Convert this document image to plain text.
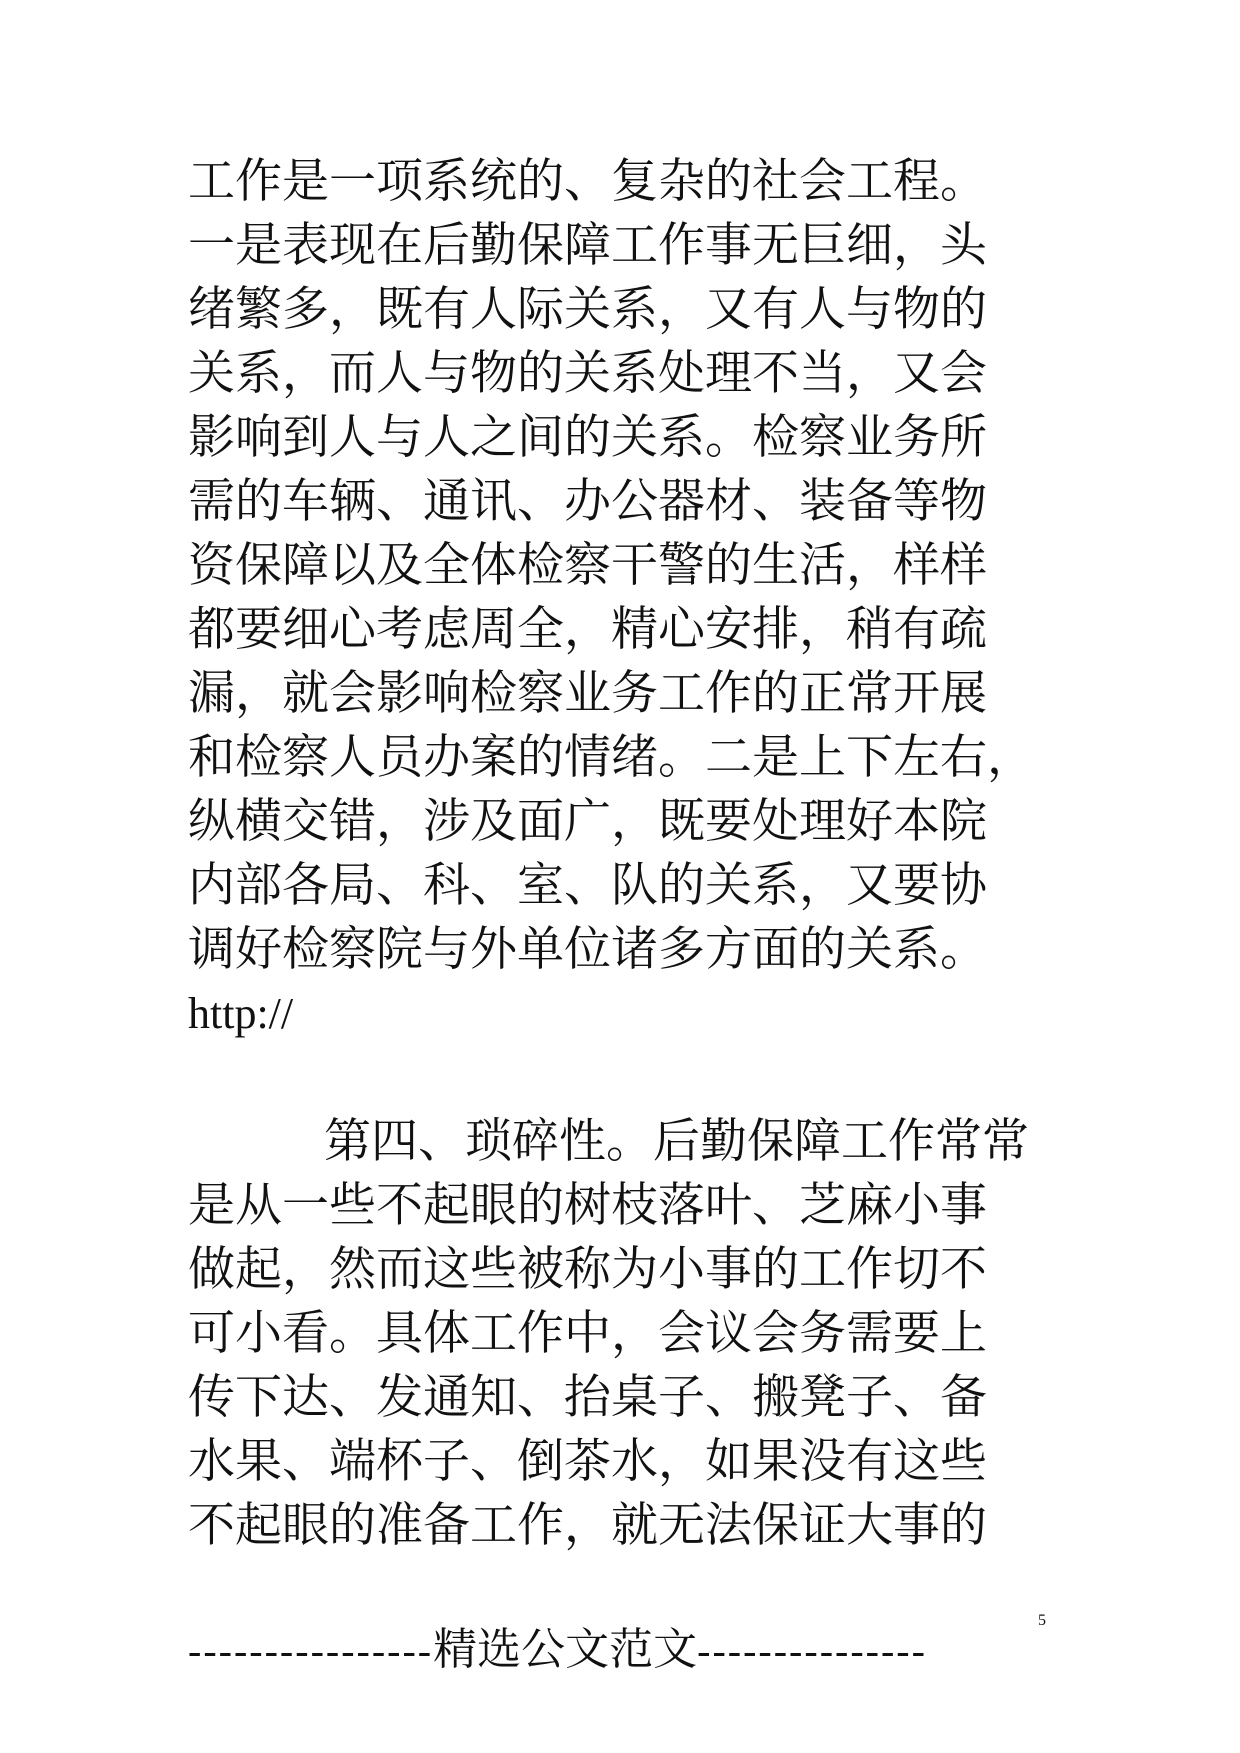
工作是一项系统的、复杂的社会工程。
一是表现在后勤保障工作事无巨细，头
绪繁多，既有人际关系，又有人与物的
关系，而人与物的关系处理不当，又会
影响到人与人之间的关系。检察业务所
需的车辆、通讯、办公器材、装备等物
资保障以及全体检察干警的生活，样样
都要细心考虑周全，精心安排，稍有疏
漏，就会影响检察业务工作的正常开展
和检察人员办案的情绪。二是上下左右，
纵横交错，涉及面广，既要处理好本院
内部各局、科、室、队的关系，又要协
调好检察院与外单位诸多方面的关系。
http://
第四、琐碎性。后勤保障工作常常
是从一些不起眼的树枝落叶、芝麻小事
做起，然而这些被称为小事的工作切不
可小看。具体工作中，会议会务需要上
传下达、发通知、抬桌子、搬凳子、备
水果、端杯子、倒茶水，如果没有这些
不起眼的准备工作，就无法保证大事的
----------------精选公文范文---------------
5
